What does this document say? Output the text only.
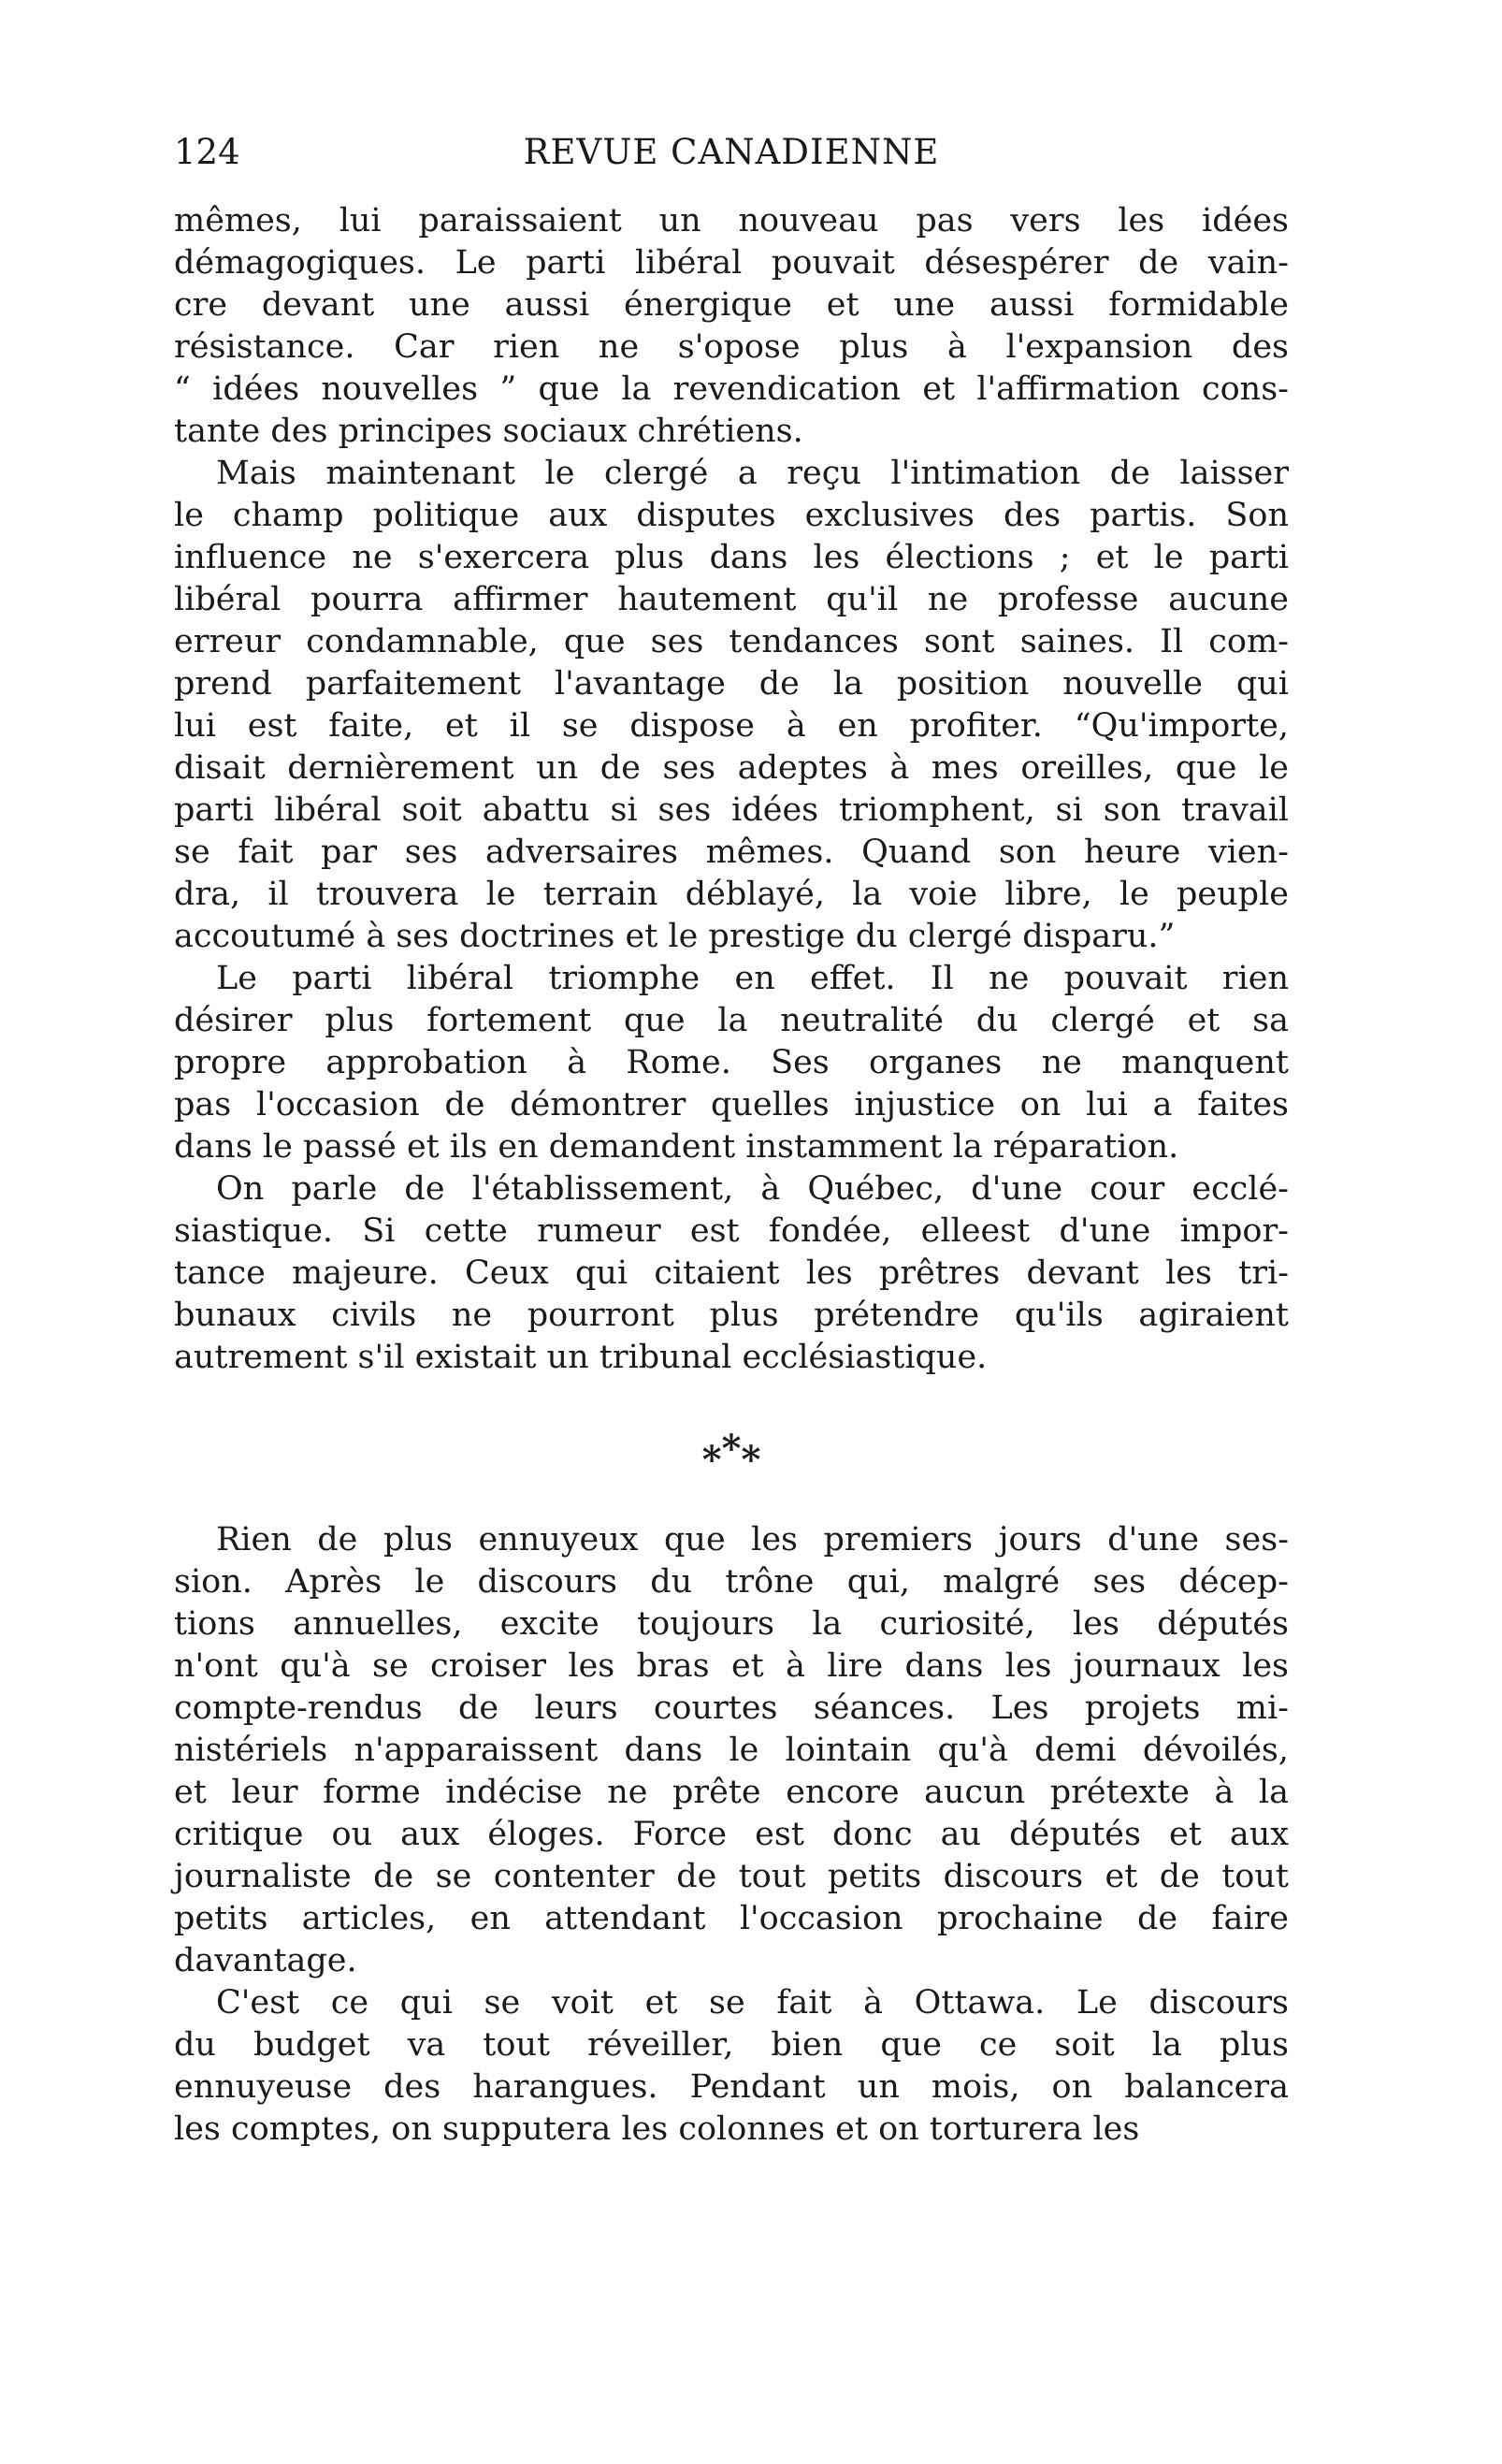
124	REVUE CANADIENNE
mêmes, lui paraissaient un nouveau pas vers les idées
démagogiques. Le parti libéral pouvait désespérer de vain-
cre devant une aussi énergique et une aussi formidable
résistance. Car rien ne s'opose plus à l'expansion des
“ idées nouvelles ” que la revendication et l'affirmation cons-
tante des principes sociaux chrétiens.
Mais maintenant le clergé a reçu l'intimation de laisser
le champ politique aux disputes exclusives des partis. Son
influence ne s'exercera plus dans les élections ; et le parti
libéral pourra affirmer hautement qu'il ne professe aucune
erreur condamnable, que ses tendances sont saines. Il com-
prend parfaitement l'avantage de la position nouvelle qui
lui est faite, et il se dispose à en profiter. “Qu'importe,
disait dernièrement un de ses adeptes à mes oreilles, que le
parti libéral soit abattu si ses idées triomphent, si son travail
se fait par ses adversaires mêmes. Quand son heure vien-
dra, il trouvera le terrain déblayé, la voie libre, le peuple
accoutumé à ses doctrines et le prestige du clergé disparu.”
Le parti libéral triomphe en effet. Il ne pouvait rien
désirer plus fortement que la neutralité du clergé et sa
propre approbation à Rome. Ses organes ne manquent
pas l'occasion de démontrer quelles injustice on lui a faites
dans le passé et ils en demandent instamment la réparation.
On parle de l'établissement, à Québec, d'une cour ecclé-
siastique. Si cette rumeur est fondée, elleest d'une impor-
tance majeure. Ceux qui citaient les prêtres devant les tri-
bunaux civils ne pourront plus prétendre qu'ils agiraient
autrement s'il existait un tribunal ecclésiastique.
***
Rien de plus ennuyeux que les premiers jours d'une ses-
sion. Après le discours du trône qui, malgré ses décep-
tions annuelles, excite toujours la curiosité, les députés
n'ont qu'à se croiser les bras et à lire dans les journaux les
compte-rendus de leurs courtes séances. Les projets mi-
nistériels n'apparaissent dans le lointain qu'à demi dévoilés,
et leur forme indécise ne prête encore aucun prétexte à la
critique ou aux éloges. Force est donc au députés et aux
journaliste de se contenter de tout petits discours et de tout
petits articles, en attendant l'occasion prochaine de faire
davantage.
C'est ce qui se voit et se fait à Ottawa. Le discours
du budget va tout réveiller, bien que ce soit la plus
ennuyeuse des harangues. Pendant un mois, on balancera
les comptes, on supputera les colonnes et on torturera les
